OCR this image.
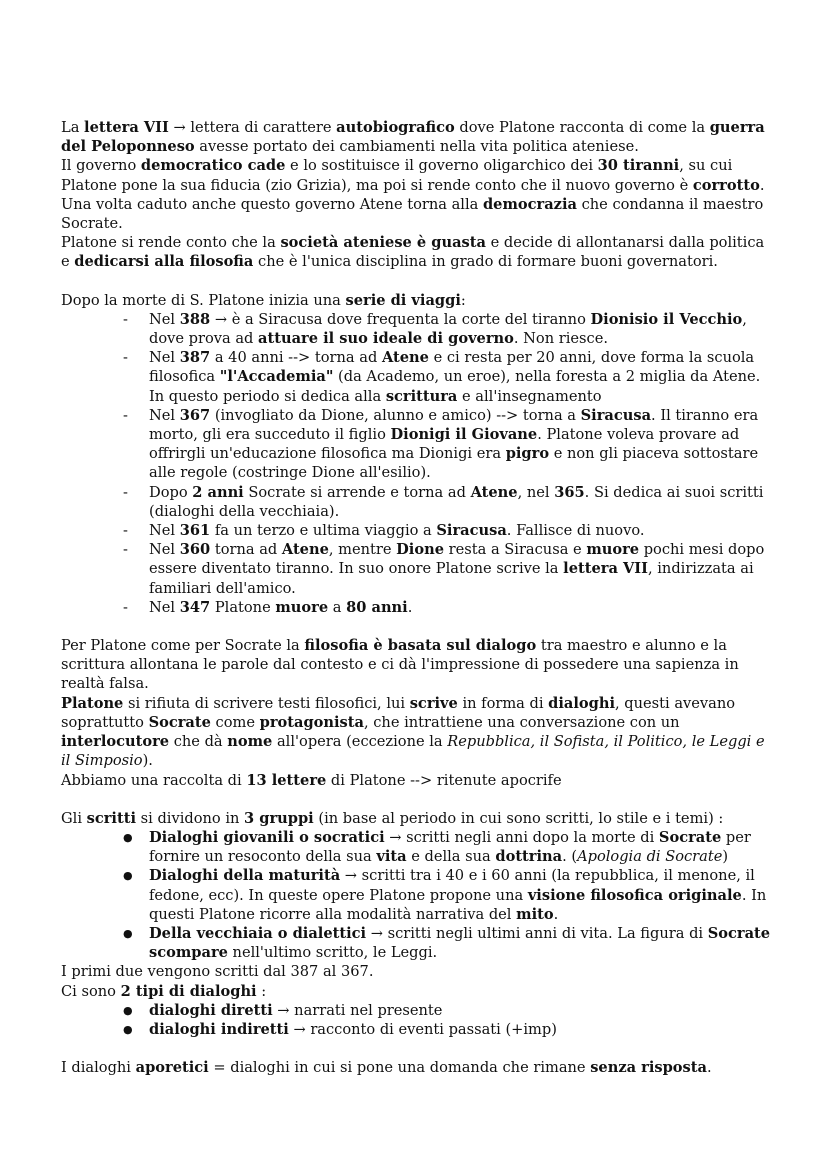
La lettera VII → lettera di carattere autobiografico dove Platone racconta di come la guerra del Peloponneso avesse portato dei cambiamenti nella vita politica ateniese.

Il governo democratico cade e lo sostituisce il governo oligarchico dei 30 tiranni, su cui Platone pone la sua fiducia (zio Grizia), ma poi si rende conto che il nuovo governo è corrotto.

Una volta caduto anche questo governo Atene torna alla democrazia che condanna il maestro Socrate.

Platone si rende conto che la società ateniese è guasta e decide di allontanarsi dalla politica e dedicarsi alla filosofia che è l'unica disciplina in grado di formare buoni governatori.

Dopo la morte di S. Platone inizia una serie di viaggi:

- Nel 388 → è a Siracusa dove frequenta la corte del tiranno Dionisio il Vecchio, dove prova ad attuare il suo ideale di governo. Non riesce.
- Nel 387 a 40 anni --> torna ad Atene e ci resta per 20 anni, dove forma la scuola filosofica "l'Accademia" (da Academo, un eroe), nella foresta a 2 miglia da Atene. In questo periodo si dedica alla scrittura e all'insegnamento
- Nel 367 (invogliato da Dione, alunno e amico) --> torna a Siracusa. Il tiranno era morto, gli era succeduto il figlio Dionigi il Giovane. Platone voleva provare ad offrirgli un'educazione filosofica ma Dionigi era pigro e non gli piaceva sottostare alle regole (costringe Dione all'esilio).
- Dopo 2 anni Socrate si arrende e torna ad Atene, nel 365. Si dedica ai suoi scritti (dialoghi della vecchiaia).
- Nel 361 fa un terzo e ultima viaggio a Siracusa. Fallisce di nuovo.
- Nel 360 torna ad Atene, mentre Dione resta a Siracusa e muore pochi mesi dopo essere diventato tiranno. In suo onore Platone scrive la lettera VII, indirizzata ai familiari dell'amico.
- Nel 347 Platone muore a 80 anni.

Per Platone come per Socrate la filosofia è basata sul dialogo tra maestro e alunno e la scrittura allontana le parole dal contesto e ci dà l'impressione di possedere una sapienza in realtà falsa.

Platone si rifiuta di scrivere testi filosofici, lui scrive in forma di dialoghi, questi avevano soprattutto Socrate come protagonista, che intrattiene una conversazione con un interlocutore che dà nome all'opera (eccezione la Repubblica, il Sofista, il Politico, le Leggi e il Simposio).

Abbiamo una raccolta di 13 lettere di Platone --> ritenute apocrife

Gli scritti si dividono in 3 gruppi (in base al periodo in cui sono scritti, lo stile e i temi) :

● Dialoghi giovanili o socratici → scritti negli anni dopo la morte di Socrate per fornire un resoconto della sua vita e della sua dottrina. (Apologia di Socrate)
● Dialoghi della maturità → scritti tra i 40 e i 60 anni (la repubblica, il menone, il fedone, ecc). In queste opere Platone propone una visione filosofica originale. In questi Platone ricorre alla modalità narrativa del mito.
● Della vecchiaia o dialettici → scritti negli ultimi anni di vita. La figura di Socrate scompare nell'ultimo scritto, le Leggi.

I primi due vengono scritti dal 387 al 367.

Ci sono 2 tipi di dialoghi :

● dialoghi diretti → narrati nel presente
● dialoghi indiretti → racconto di eventi passati (+imp)

I dialoghi aporetici = dialoghi in cui si pone una domanda che rimane senza risposta.
